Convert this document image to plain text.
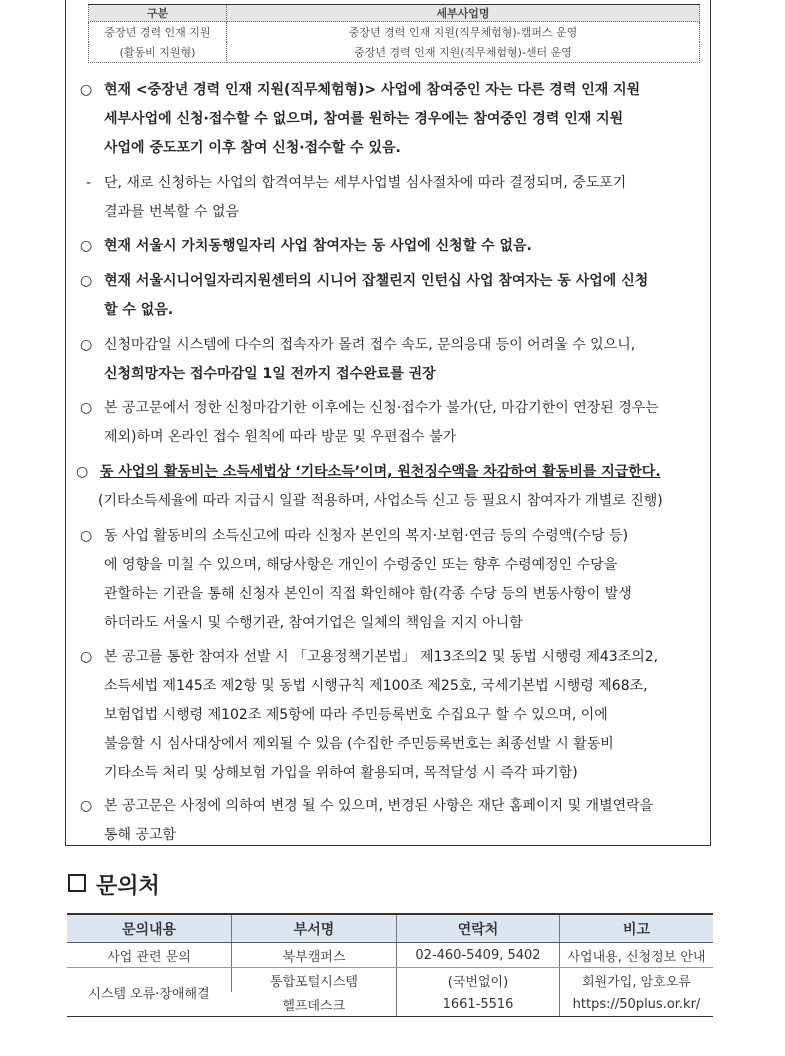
구분	세부사업명
중장년 경력 인재 지원	중장년 경력 인재 지원(직무체험형)-캠퍼스 운영
(활동비 지원형)	중장년 경력 인재 지원(직무체험형)-센터 운영
○ 현재 <중장년 경력 인재 지원(직무체험형)> 사업에 참여중인 자는 다른 경력 인재 지원
세부사업에 신청·접수할 수 없으며, 참여를 원하는 경우에는 참여중인 경력 인재 지원
사업에 중도포기 이후 참여 신청·접수할 수 있음.
- 단, 새로 신청하는 사업의 합격여부는 세부사업별 심사절차에 따라 결정되며, 중도포기
결과를 번복할 수 없음
○ 현재 서울시 가치동행일자리 사업 참여자는 동 사업에 신청할 수 없음.
○ 현재 서울시니어일자리지원센터의 시니어 잡챌린지 인턴십 사업 참여자는 동 사업에 신청
할 수 없음.
○ 신청마감일 시스템에 다수의 접속자가 몰려 접수 속도, 문의응대 등이 어려울 수 있으니,
신청희망자는 접수마감일 1일 전까지 접수완료를 권장
○ 본 공고문에서 정한 신청마감기한 이후에는 신청·접수가 불가(단, 마감기한이 연장된 경우는
제외)하며 온라인 접수 원칙에 따라 방문 및 우편접수 불가
○ 동 사업의 활동비는 소득세법상 ‘기타소득’이며, 원천징수액을 차감하여 활동비를 지급한다.
(기타소득세율에 따라 지급시 일괄 적용하며, 사업소득 신고 등 필요시 참여자가 개별로 진행)
○ 동 사업 활동비의 소득신고에 따라 신청자 본인의 복지·보험·연금 등의 수령액(수당 등)
에 영향을 미칠 수 있으며, 해당사항은 개인이 수령중인 또는 향후 수령예정인 수당을
관할하는 기관을 통해 신청자 본인이 직접 확인해야 함(각종 수당 등의 변동사항이 발생
하더라도 서울시 및 수행기관, 참여기업은 일체의 책임을 지지 아니함
○ 본 공고를 통한 참여자 선발 시 「고용정책기본법」 제13조의2 및 동법 시행령 제43조의2,
소득세법 제145조 제2항 및 동법 시행규칙 제100조 제25호, 국세기본법 시행령 제68조,
보험업법 시행령 제102조 제5항에 따라 주민등록번호 수집요구 할 수 있으며, 이에
불응할 시 심사대상에서 제외될 수 있음 (수집한 주민등록번호는 최종선발 시 활동비
기타소득 처리 및 상해보험 가입을 위하여 활용되며, 목적달성 시 즉각 파기함)
○ 본 공고문은 사정에 의하여 변경 될 수 있으며, 변경된 사항은 재단 홈페이지 및 개별연락을
통해 공고함
문의처
문의내용	부서명	연락처	비고
사업 관련 문의	북부캠퍼스	02-460-5409, 5402	사업내용, 신청정보 안내
시스템 오류·장애해결	통합포털시스템	(국번없이)	회원가입, 암호오류
	헬프데스크	1661-5516	https://50plus.or.kr/
